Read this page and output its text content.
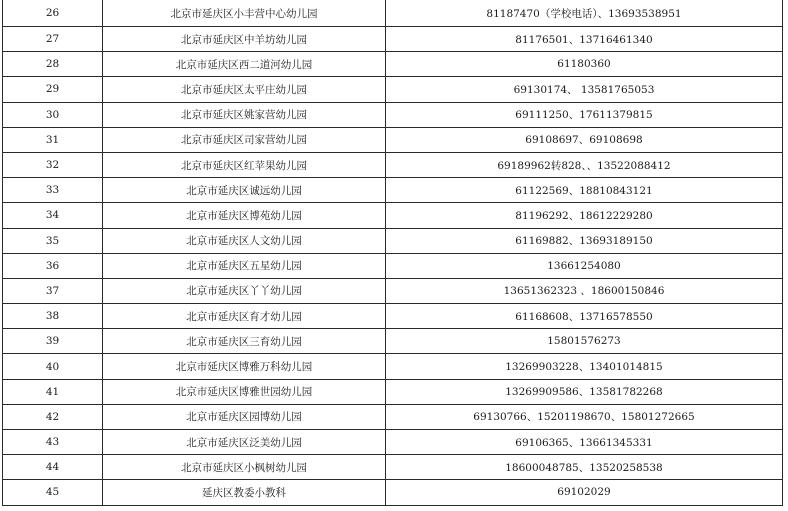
26	北京市延庆区小丰营中心幼儿园	81187470（学校电话）、13693538951
27	北京市延庆区中羊坊幼儿园	81176501、13716461340
28	北京市延庆区西二道河幼儿园	61180360
29	北京市延庆区太平庄幼儿园	69130174、 13581765053
30	北京市延庆区姚家营幼儿园	69111250、17611379815
31	北京市延庆区司家营幼儿园	69108697、69108698
32	北京市延庆区红苹果幼儿园	69189962转828、、13522088412
33	北京市延庆区诚远幼儿园	61122569、18810843121
34	北京市延庆区博苑幼儿园	81196292、18612229280
35	北京市延庆区人文幼儿园	61169882、13693189150
36	北京市延庆区五星幼儿园	13661254080
37	北京市延庆区丫丫幼儿园	13651362323 、18600150846
38	北京市延庆区育才幼儿园	61168608、13716578550
39	北京市延庆区三育幼儿园	15801576273
40	北京市延庆区博雅万科幼儿园	13269903228、13401014815
41	北京市延庆区博雅世园幼儿园	13269909586、13581782268
42	北京市延庆区园博幼儿园	69130766、15201198670、15801272665
43	北京市延庆区泛美幼儿园	69106365、13661345331
44	北京市延庆区小枫树幼儿园	18600048785、13520258538
45	延庆区教委小教科	69102029
